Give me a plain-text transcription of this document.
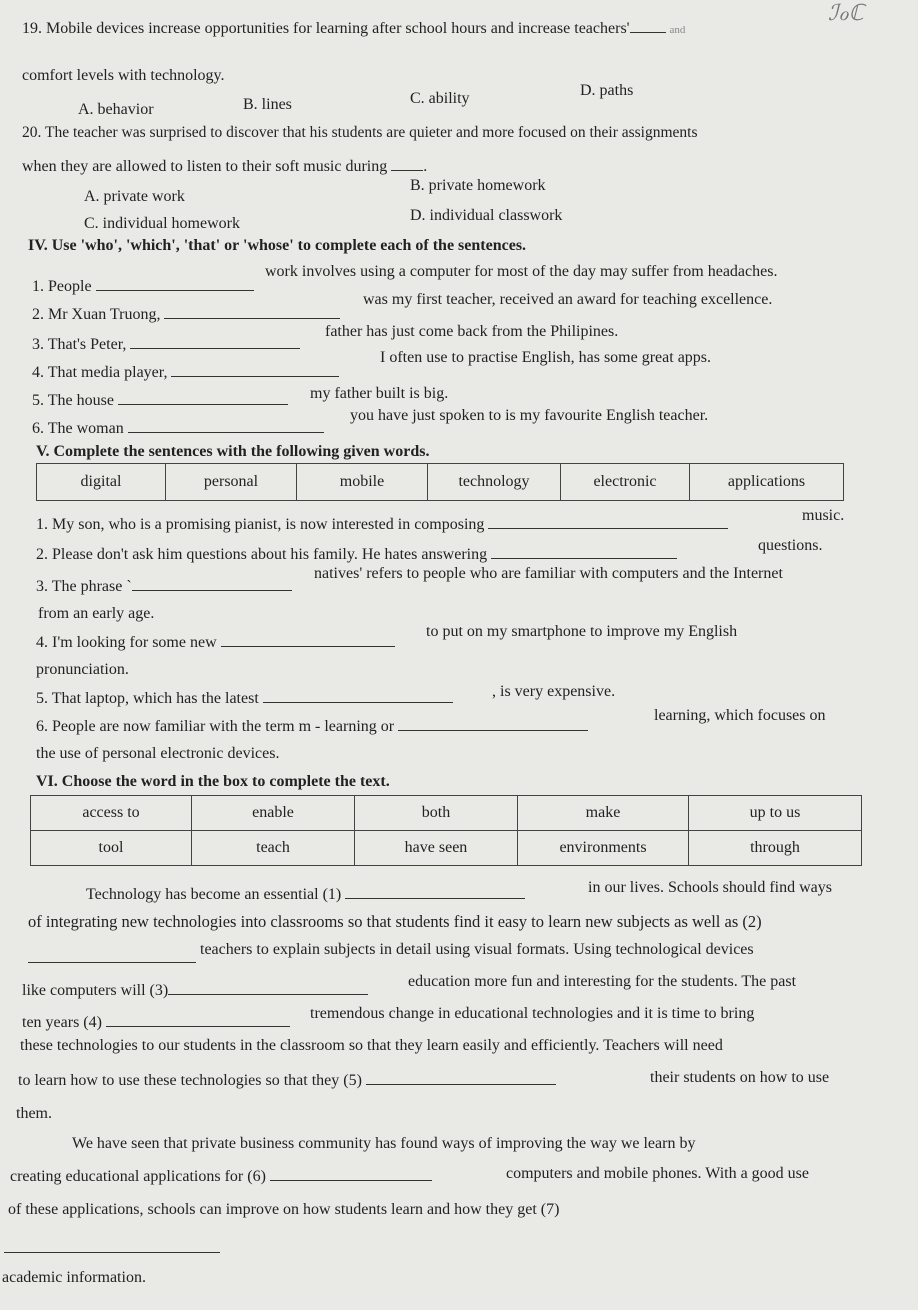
ℐℴℂ
19. Mobile devices increase opportunities for learning after school hours and increase teachers'	and
comfort levels with technology.
A. behavior	B. lines	C. ability	D. paths
20. The teacher was surprised to discover that his students are quieter and more focused on their assignments
when they are allowed to listen to their soft music during .
A. private work
B. private homework
C. individual homework	D. individual classwork
IV. Use 'who', 'which', 'that' or 'whose' to complete each of the sentences.
1. People
work involves using a computer for most of the day may suffer from headaches.
2. Mr Xuan Truong,
was my first teacher, received an award for teaching excellence.
3. That's Peter,
father has just come back from the Philipines.
4. That media player,
I often use to practise English, has some great apps.
5. The house	my father built is big.
6. The woman
you have just spoken to is my favourite English teacher.
V. Complete the sentences with the following given words.
digital	personal	mobile	technology	electronic	applications
1. My son, who is a promising pianist, is now interested in composing
music.
2. Please don't ask him questions about his family. He hates answering
questions.
3. The phrase `
natives' refers to people who are familiar with computers and the Internet
from an early age.
4. I'm looking for some new
to put on my smartphone to improve my English
pronunciation.
5. That laptop, which has the latest	, is very expensive.
6. People are now familiar with the term m - learning or
learning, which focuses on
the use of personal electronic devices.
VI. Choose the word in the box to complete the text.
access to	enable	both	make	up to us
tool	teach	have seen	environments	through
Technology has become an essential (1)	in our lives. Schools should find ways
of integrating new technologies into classrooms so that students find it easy to learn new subjects as well as (2)
teachers to explain subjects in detail using visual formats. Using technological devices
like computers will (3)
education more fun and interesting for the students. The past
ten years (4)
tremendous change in educational technologies and it is time to bring
these technologies to our students in the classroom so that they learn easily and efficiently. Teachers will need
to learn how to use these technologies so that they (5)	their students on how to use
them.
We have seen that private business community has found ways of improving the way we learn by
creating educational applications for (6)	computers and mobile phones. With a good use
of these applications, schools can improve on how students learn and how they get (7)
academic information.
